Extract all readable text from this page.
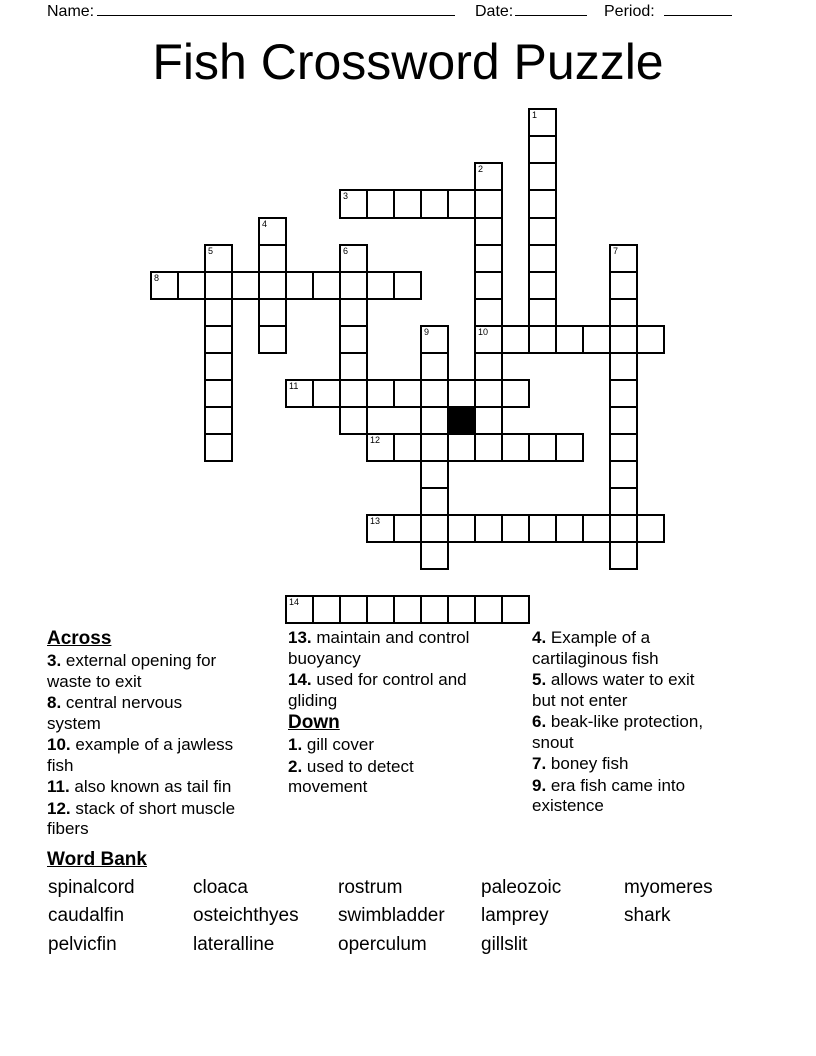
Name:	Date:	Period:
Fish Crossword Puzzle
1
2
10
3
4
5	6	7
8
9
11
12
13
14
Across

3. external opening for waste to exit

8. central nervous system

10. example of a jawless fish

11. also known as tail fin

12. stack of short muscle fibers

13. maintain and control buoyancy

14. used for control and gliding

Down

1. gill cover

2. used to detect movement

4. Example of a cartilaginous fish

5. allows water to exit but not enter

6. beak-like protection, snout

7. boney fish

9. era fish came into existence

Word Bank
spinalcord	cloaca	rostrum	paleozoic	myomeres
caudalfin	osteichthyes	swimbladder	lamprey	shark
pelvicfin	lateralline	operculum	gillslit
